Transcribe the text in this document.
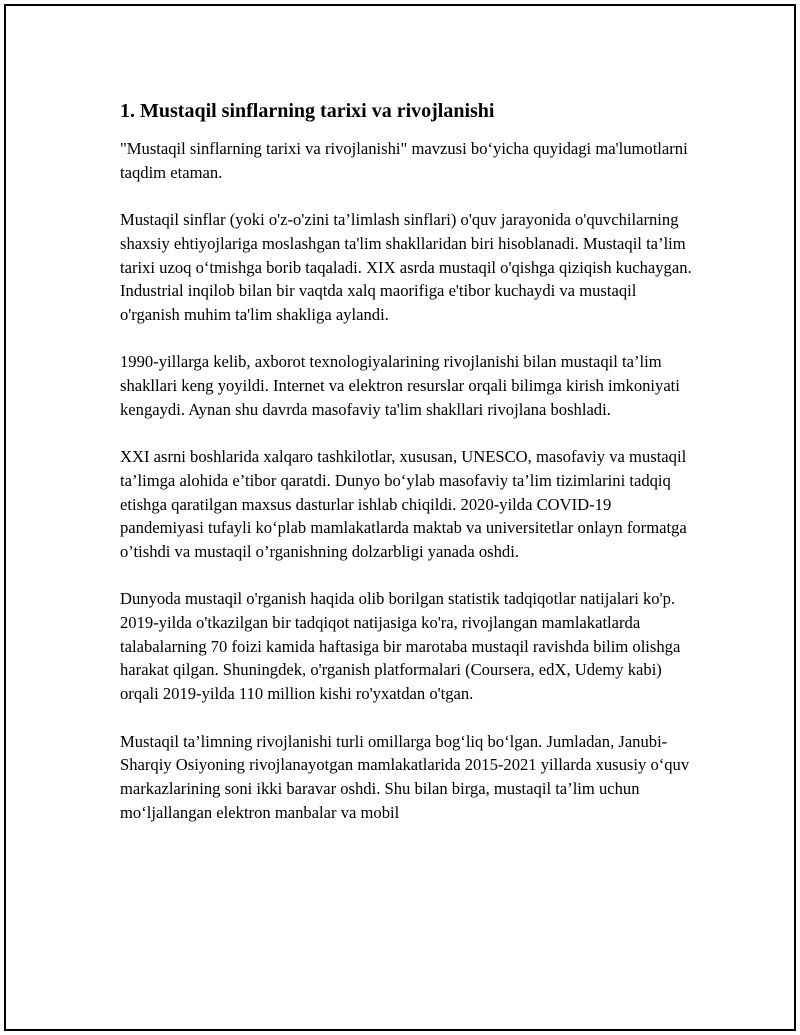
1. Mustaqil sinflarning tarixi va rivojlanishi

"Mustaqil sinflarning tarixi va rivojlanishi" mavzusi bo‘yicha quyidagi ma'lumotlarni taqdim etaman.

Mustaqil sinflar (yoki o'z-o'zini ta’limlash sinflari) o'quv jarayonida o'quvchilarning shaxsiy ehtiyojlariga moslashgan ta'lim shakllaridan biri hisoblanadi. Mustaqil ta’lim tarixi uzoq o‘tmishga borib taqaladi. XIX asrda mustaqil o'qishga qiziqish kuchaygan. Industrial inqilob bilan bir vaqtda xalq maorifiga e'tibor kuchaydi va mustaqil o'rganish muhim ta'lim shakliga aylandi.

1990-yillarga kelib, axborot texnologiyalarining rivojlanishi bilan mustaqil ta’lim shakllari keng yoyildi. Internet va elektron resurslar orqali bilimga kirish imkoniyati kengaydi. Aynan shu davrda masofaviy ta'lim shakllari rivojlana boshladi.

XXI asrni boshlarida xalqaro tashkilotlar, xususan, UNESCO, masofaviy va mustaqil ta’limga alohida e’tibor qaratdi. Dunyo bo‘ylab masofaviy ta’lim tizimlarini tadqiq etishga qaratilgan maxsus dasturlar ishlab chiqildi. 2020-yilda COVID-19 pandemiyasi tufayli ko‘plab mamlakatlarda maktab va universitetlar onlayn formatga o’tishdi va mustaqil o’rganishning dolzarbligi yanada oshdi.

Dunyoda mustaqil o'rganish haqida olib borilgan statistik tadqiqotlar natijalari ko'p. 2019-yilda o'tkazilgan bir tadqiqot natijasiga ko'ra, rivojlangan mamlakatlarda talabalarning 70 foizi kamida haftasiga bir marotaba mustaqil ravishda bilim olishga harakat qilgan. Shuningdek, o'rganish platformalari (Coursera, edX, Udemy kabi) orqali 2019-yilda 110 million kishi ro'yxatdan o'tgan.

Mustaqil ta’limning rivojlanishi turli omillarga bog‘liq bo‘lgan. Jumladan, Janubi-Sharqiy Osiyoning rivojlanayotgan mamlakatlarida 2015-2021 yillarda xususiy o‘quv markazlarining soni ikki baravar oshdi. Shu bilan birga, mustaqil ta’lim uchun mo‘ljallangan elektron manbalar va mobil
